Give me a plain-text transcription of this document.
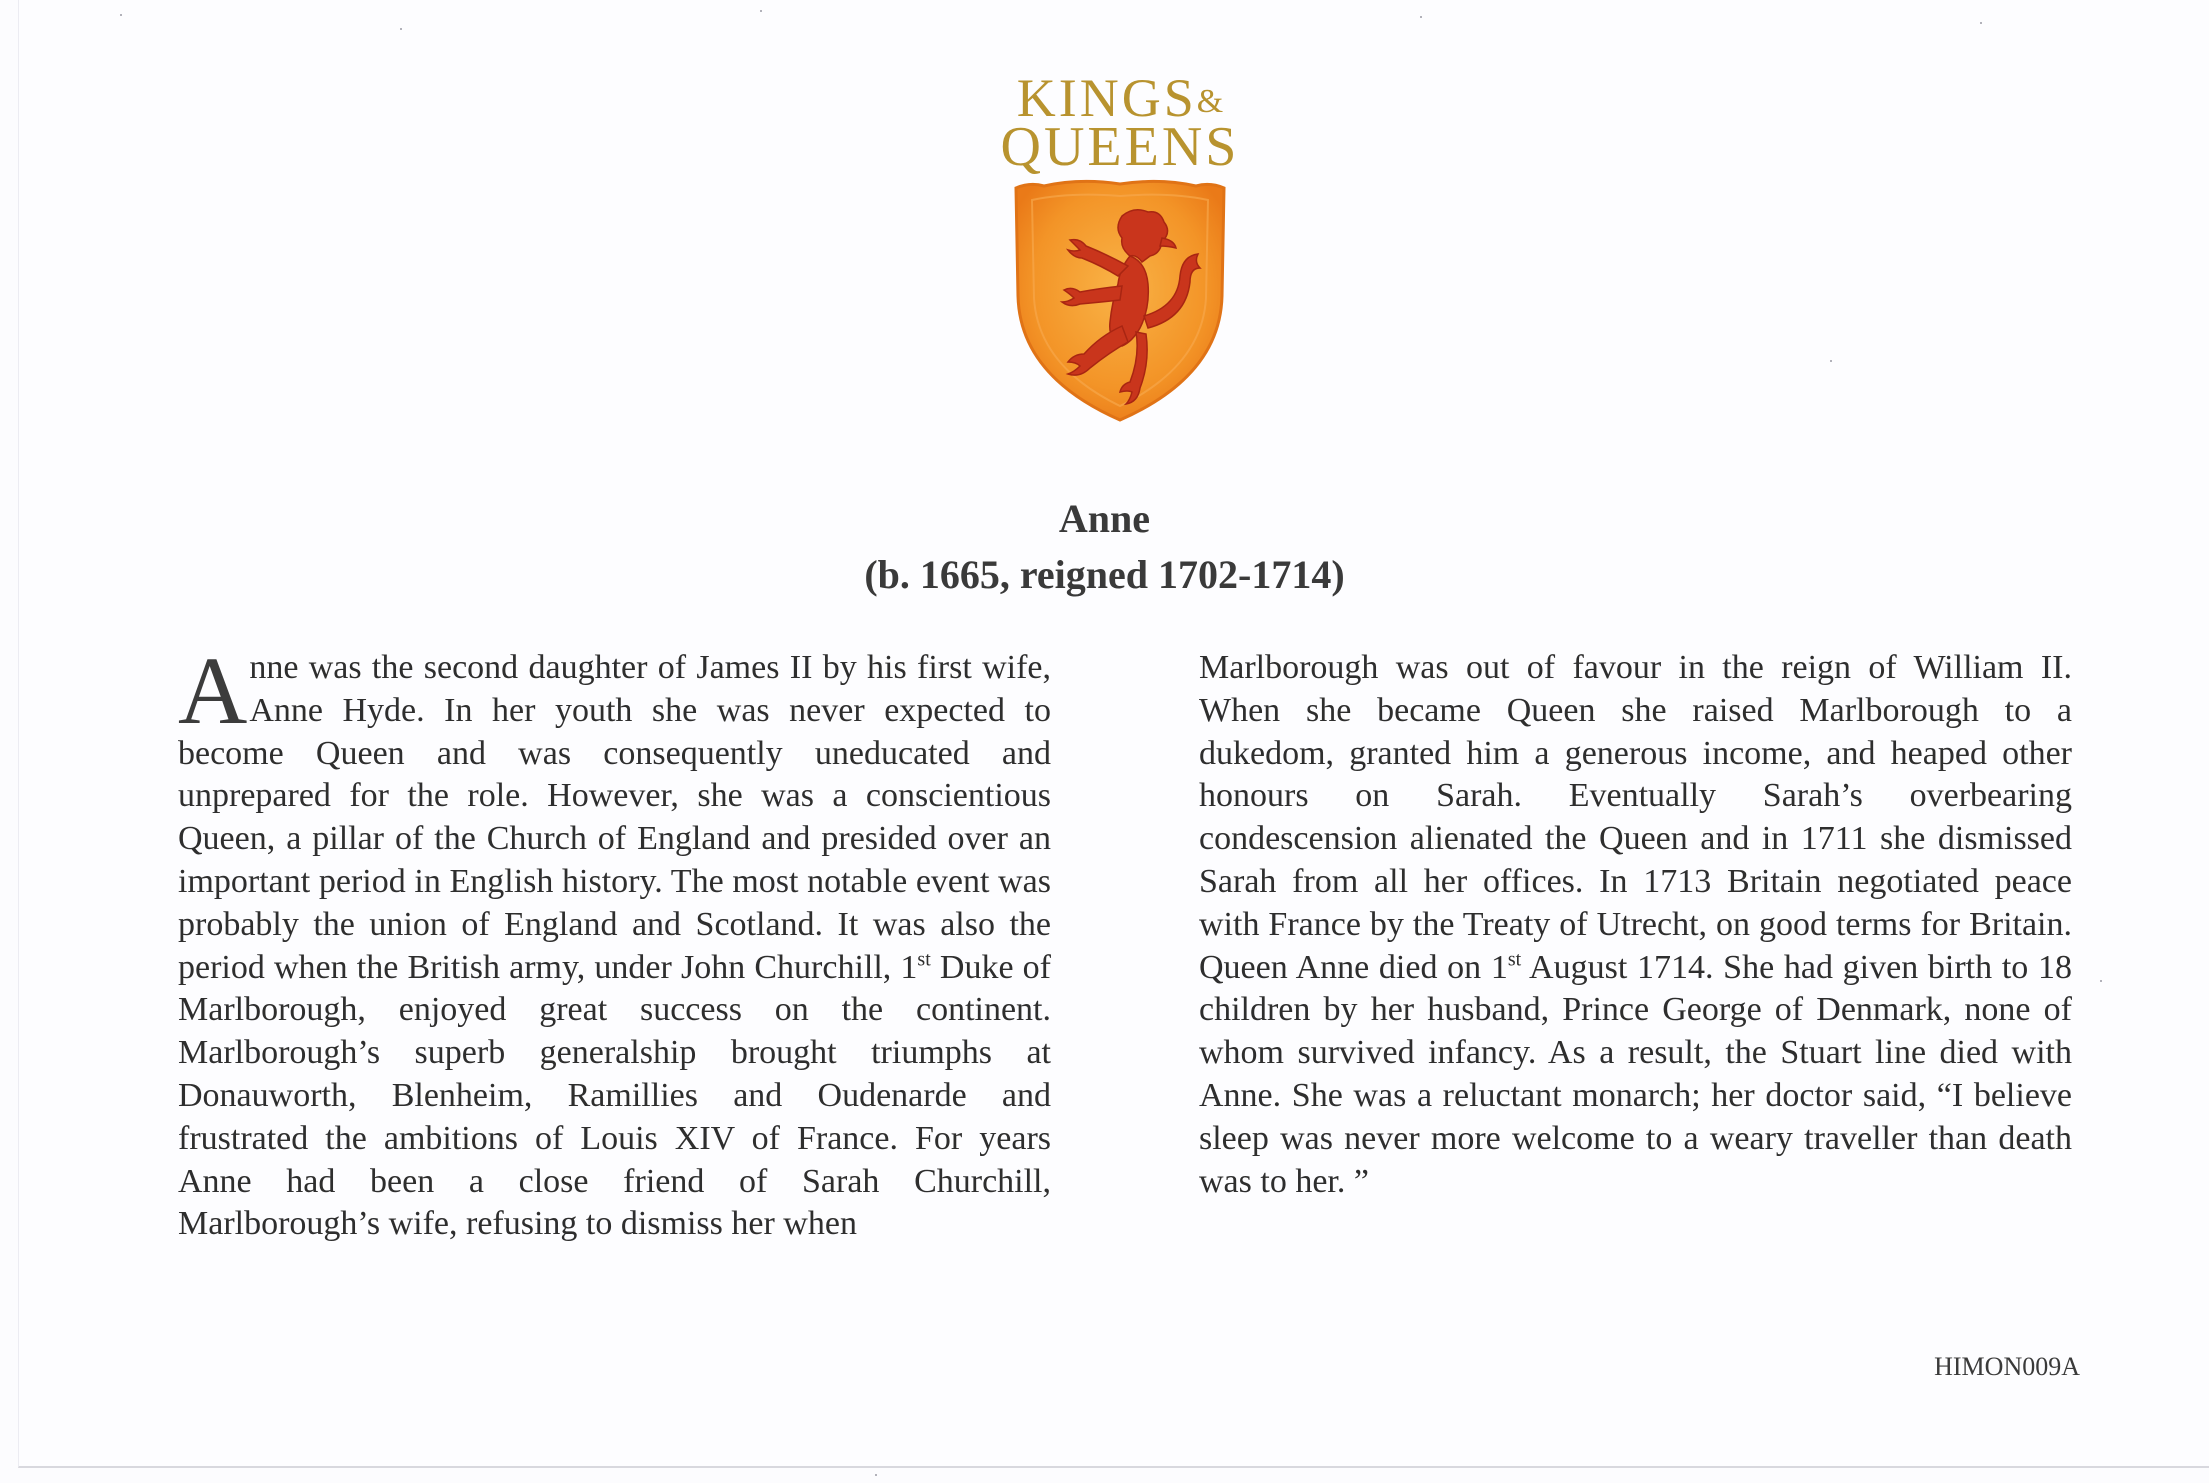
KINGS&
QUEENS
Anne
(b. 1665, reigned 1702-1714)

Anne was the second daughter of James II by his first wife, Anne Hyde. In her youth she was never expected to become Queen and was consequently uneducated and unprepared for the role. However, she was a conscientious Queen, a pillar of the Church of England and presided over an important period in English history. The most notable event was probably the union of England and Scotland. It was also the period when the British army, under John Churchill, 1st Duke of Marlborough, enjoyed great success on the continent. Marlborough’s superb generalship brought triumphs at Donauworth, Blenheim, Ramillies and Oudenarde and frustrated the ambitions of Louis XIV of France. For years Anne had been a close friend of Sarah Churchill, Marlborough’s wife, refusing to dismiss her when

Marlborough was out of favour in the reign of William II. When she became Queen she raised Marlborough to a dukedom, granted him a generous income, and heaped other honours on Sarah. Eventually Sarah’s overbearing condescension alienated the Queen and in 1711 she dismissed Sarah from all her offices. In 1713 Britain negotiated peace with France by the Treaty of Utrecht, on good terms for Britain. Queen Anne died on 1st August 1714. She had given birth to 18 children by her husband, Prince George of Denmark, none of whom survived infancy. As a result, the Stuart line died with Anne. She was a reluctant monarch; her doctor said, “I believe sleep was never more welcome to a weary traveller than death was to her. ”

HIMON009A
